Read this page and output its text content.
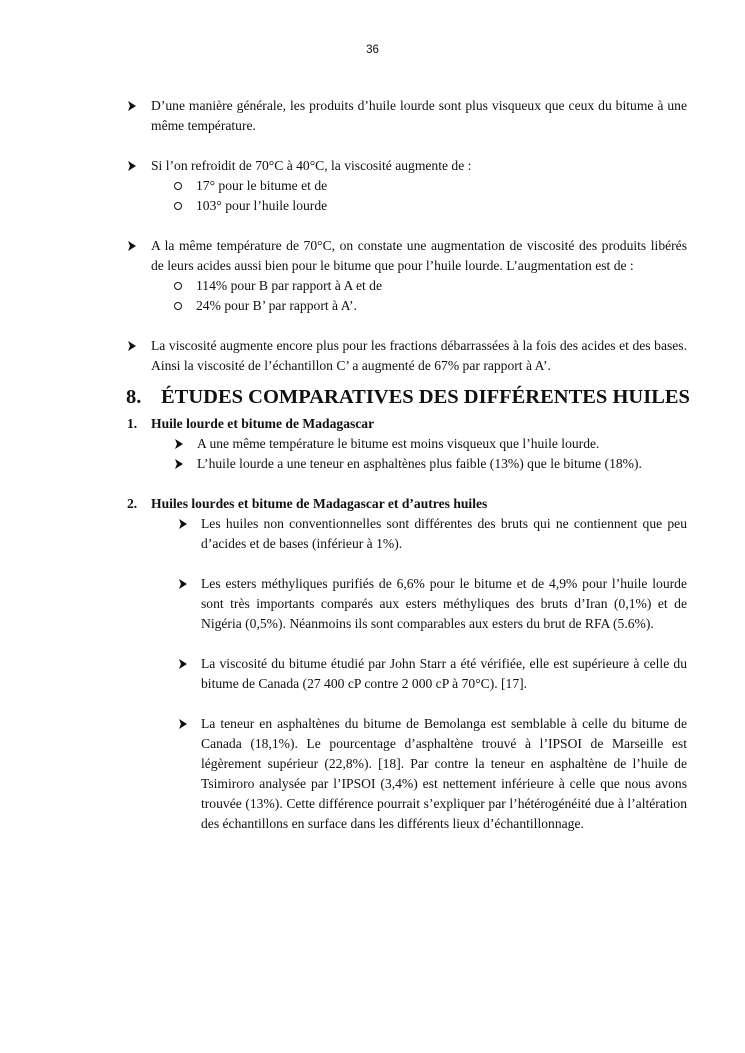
36
D’une manière générale, les produits d’huile lourde sont plus visqueux que ceux du bitume à une même température.
Si l’on refroidit de 70°C à 40°C, la viscosité augmente de :
17° pour le bitume et de
103° pour l’huile lourde
A la même température de 70°C, on constate une augmentation de viscosité des produits libérés de leurs acides aussi bien pour le bitume que pour l’huile lourde. L’augmentation est de :
114% pour B par rapport à A et de
24% pour B’ par rapport à A’.
La viscosité augmente encore plus pour les fractions débarrassées à la fois des acides et des bases. Ainsi la viscosité de l’échantillon C’ a augmenté de 67% par rapport à A’.
8. ÉTUDES COMPARATIVES DES DIFFÉRENTES HUILES
1. Huile lourde et bitume de Madagascar
A une même température le bitume est moins visqueux que l’huile lourde.
L’huile lourde a une teneur en asphaltènes plus faible (13%) que le bitume (18%).
2. Huiles lourdes et bitume de Madagascar et d’autres huiles
Les huiles non conventionnelles sont différentes des bruts qui ne contiennent que peu d’acides et de bases (inférieur à 1%).
Les esters méthyliques purifiés de 6,6% pour le bitume et de 4,9% pour l’huile lourde sont très importants comparés aux esters méthyliques des bruts d’Iran (0,1%) et de Nigéria (0,5%). Néanmoins ils sont comparables aux esters du brut de RFA (5.6%).
La viscosité du bitume étudié par John Starr a été vérifiée, elle est supérieure à celle du bitume de Canada (27 400 cP contre 2 000 cP à 70°C). [17].
La teneur en asphaltènes du bitume de Bemolanga est semblable à celle du bitume de Canada (18,1%). Le pourcentage d’asphaltène trouvé à l’IPSOI de Marseille est légèrement supérieur (22,8%). [18]. Par contre la teneur en asphaltène de l’huile de Tsimiroro analysée par l’IPSOI (3,4%) est nettement inférieure à celle que nous avons trouvée (13%). Cette différence pourrait s’expliquer par l’hétérogénéité due à l’altération des échantillons en surface dans les différents lieux d’échantillonnage.
